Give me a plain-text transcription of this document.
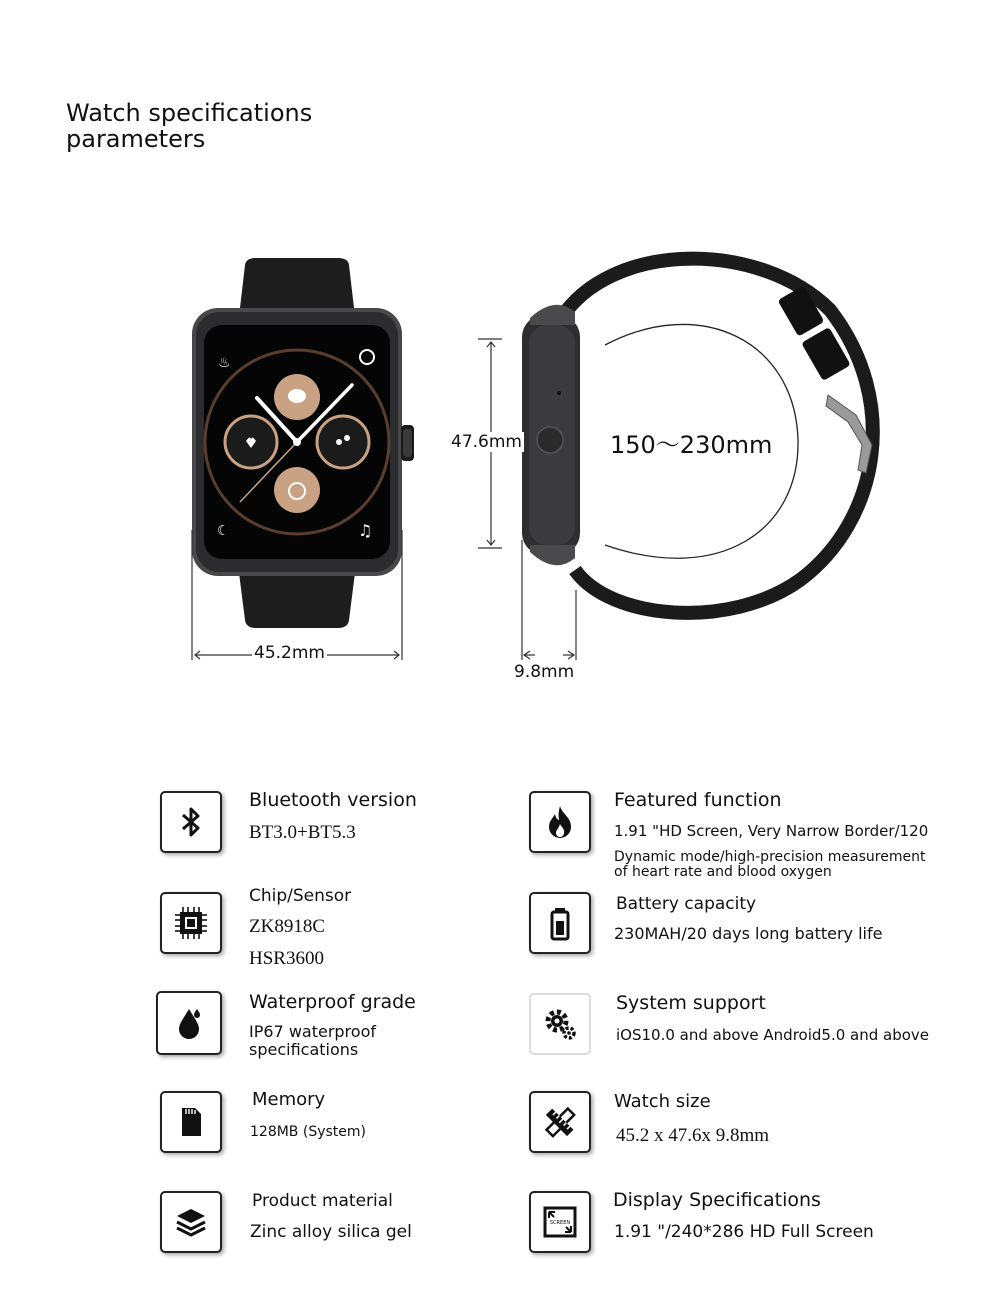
Watch specifications
parameters
♨
☾	♫
45.2mm
47.6mm
9.8mm
150～230mm
Bluetooth version
BT3.0+BT5.3
Chip/Sensor
ZK8918C
HSR3600
Waterproof grade
IP67 waterproof
specifications
Memory
128MB (System)
Product material
Zinc alloy silica gel
Featured function
1.91 "HD Screen, Very Narrow Border/120
Dynamic mode/high-precision measurement
of heart rate and blood oxygen
Battery capacity
230MAH/20 days long battery life
System support
iOS10.0 and above Android5.0 and above
Watch size
45.2 x 47.6x 9.8mm
SCREEN
Display Specifications
1.91 "/240*286 HD Full Screen
